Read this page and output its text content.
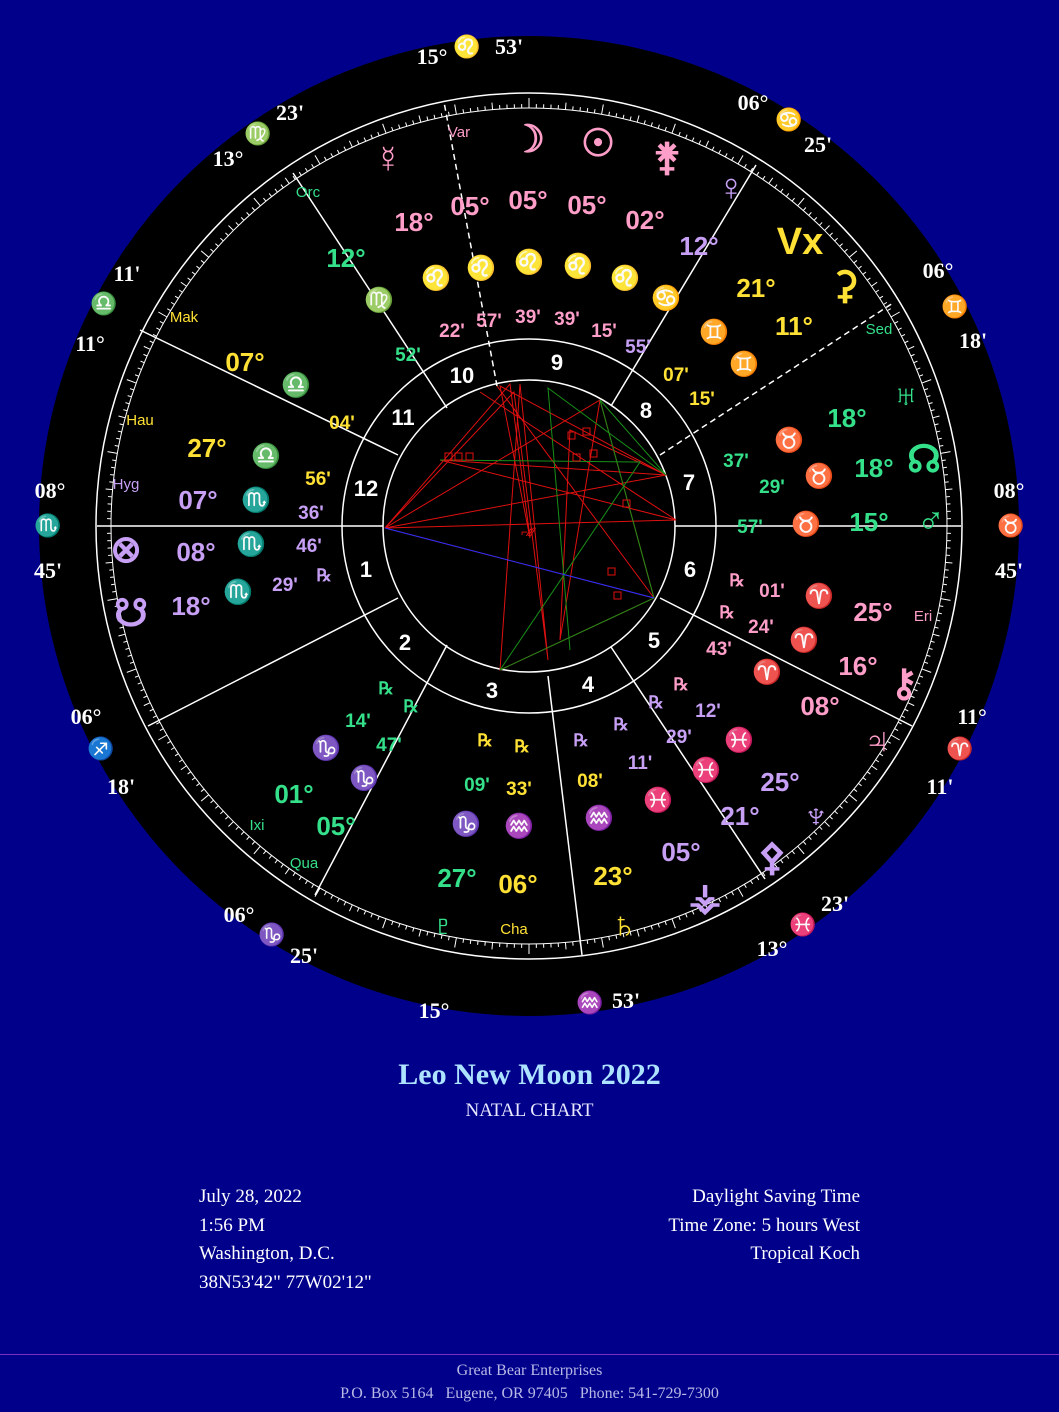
⌐∕∕∕
1
2
3	4
5
6
7
8
9
10
11
12
08°
♏
45'
06°
♐
18'
06°
♑
25'
15°	♒ 53'
13°
♓
23'
11°
♈
11'
08°
♉
45'
06°
♊
18'
06°
♋
25'
15° ♌ 53'
13°
♍
23'
11°
♎
11'
☿
18°
♌
22'
05°
♌
57'
☽
05°
♌
39'
☉
05°
♌
39'
⚵
02°
♌
15'
♀
12°
♋
55'
Vx
21°
♊
07'
⚳
11°
♊
15'	♅
18°
♉
37'	☊
18°
♉
29'
♂
15°
♉
57'
25°
♈
01'
℞
⚷
16°
♈
24'
℞
♃
08°
♈
43'
℞
♆
25°
♓
12'
℞
⚴
21°
♓
29'
℞
⚶
05°
♓
11'
℞
♄
23°
♒
08'
℞
06°
♒
33'
℞
♇
27°
♑
09'
℞
05°
♑
47'
℞
01°
♑
14'
☋ 18° ♏ 29' ℞
⊗ 08° ♏ 46'
07° ♏ 36'
27° ♎
56'
07°
♎
04'
12°
♍
52'
Var
Orc
Mak
Hau
Hyg
Sed
Eri
Ixi
Qua
Cha
Leo New Moon 2022
NATAL CHART
July 28, 2022
1:56 PM
Washington, D.C.
38N53'42" 77W02'12"
Daylight Saving Time
Time Zone: 5 hours West
Tropical Koch
Great Bear Enterprises
P.O. Box 5164   Eugene, OR 97405   Phone: 541-729-7300
